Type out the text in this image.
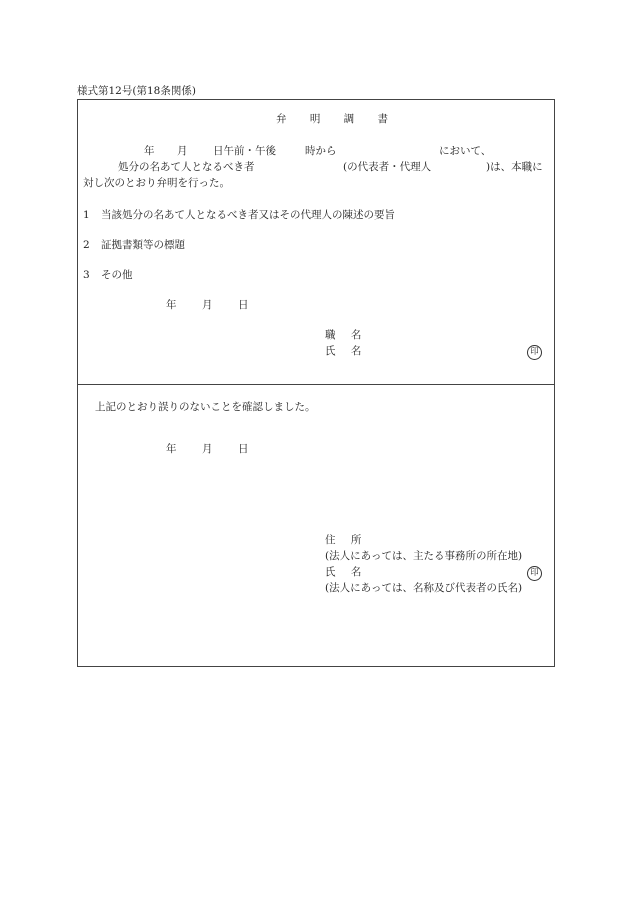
様式第12号(第18条関係)
弁 明 調 書
年 月 日午前・午後	時から	において、
処分の名あて人となるべき者	(の代表者・代理人	)は、本職に
対し次のとおり弁明を行った。
1 当該処分の名あて人となるべき者又はその代理人の陳述の要旨
2 証拠書類等の標題
3 その他
年 月 日
職 名
氏 名	印
上記のとおり誤りのないことを確認しました。
年 月 日
住 所
(法人にあっては、主たる事務所の所在地)
氏 名	印
(法人にあっては、名称及び代表者の氏名)
